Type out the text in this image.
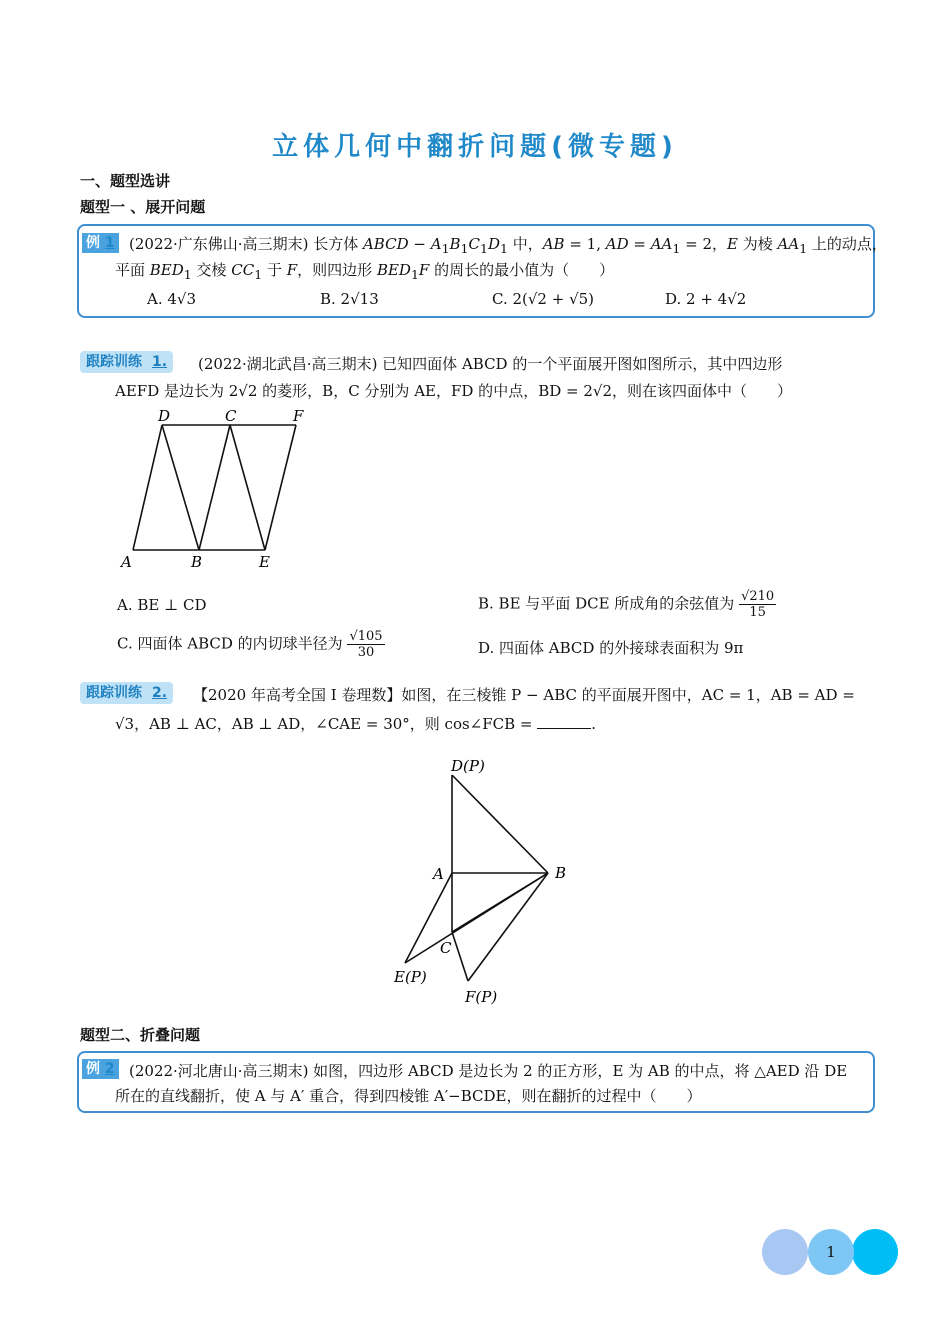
立体几何中翻折问题(微专题)
一、题型选讲
题型一 、展开问题
例 1 (2022·广东佛山·高三期末) 长方体 ABCD − $A_1B_1C_1D_1$ 中，AB = 1, AD = $AA_1 = 2$，E 为棱 $AA_1$ 上的动点，
平面 $BED_1$ 交棱 $CC_1$ 于 F，则四边形 $BED_1F$ 的周长的最小值为（　　）
A. 4√3	B. 2√13	C. 2(√2 + √5)	D. 2 + 4√2
跟踪训练 1.	(2022·湖北武昌·高三期末) 已知四面体 ABCD 的一个平面展开图如图所示，其中四边形
AEFD 是边长为 2√2 的菱形，B，C 分别为 AE，FD 的中点，BD = 2√2，则在该四面体中（　　）
D	C	F
A	B	E
A. BE ⊥ CD	B. BE 与平面 DCE 所成角的余弦值为 $\frac{√210}{15}$
C. 四面体 ABCD 的内切球半径为 $\frac{√105}{30}$	D. 四面体 ABCD 的外接球表面积为 9π
跟踪训练 2.	【2020 年高考全国 I 卷理数】如图，在三棱锥 P − ABC 的平面展开图中，AC = 1，AB = AD =
√3，AB ⊥ AC，AB ⊥ AD，∠CAE = 30°，则 cos∠FCB =	.
D(P)
A	B
C
E(P)
F(P)
题型二、折叠问题
例 2 (2022·河北唐山·高三期末) 如图，四边形 ABCD 是边长为 2 的正方形，E 为 AB 的中点，将 △AED 沿 DE
所在的直线翻折，使 A 与 A′ 重合，得到四棱锥 A′−BCDE，则在翻折的过程中（　　）
1
